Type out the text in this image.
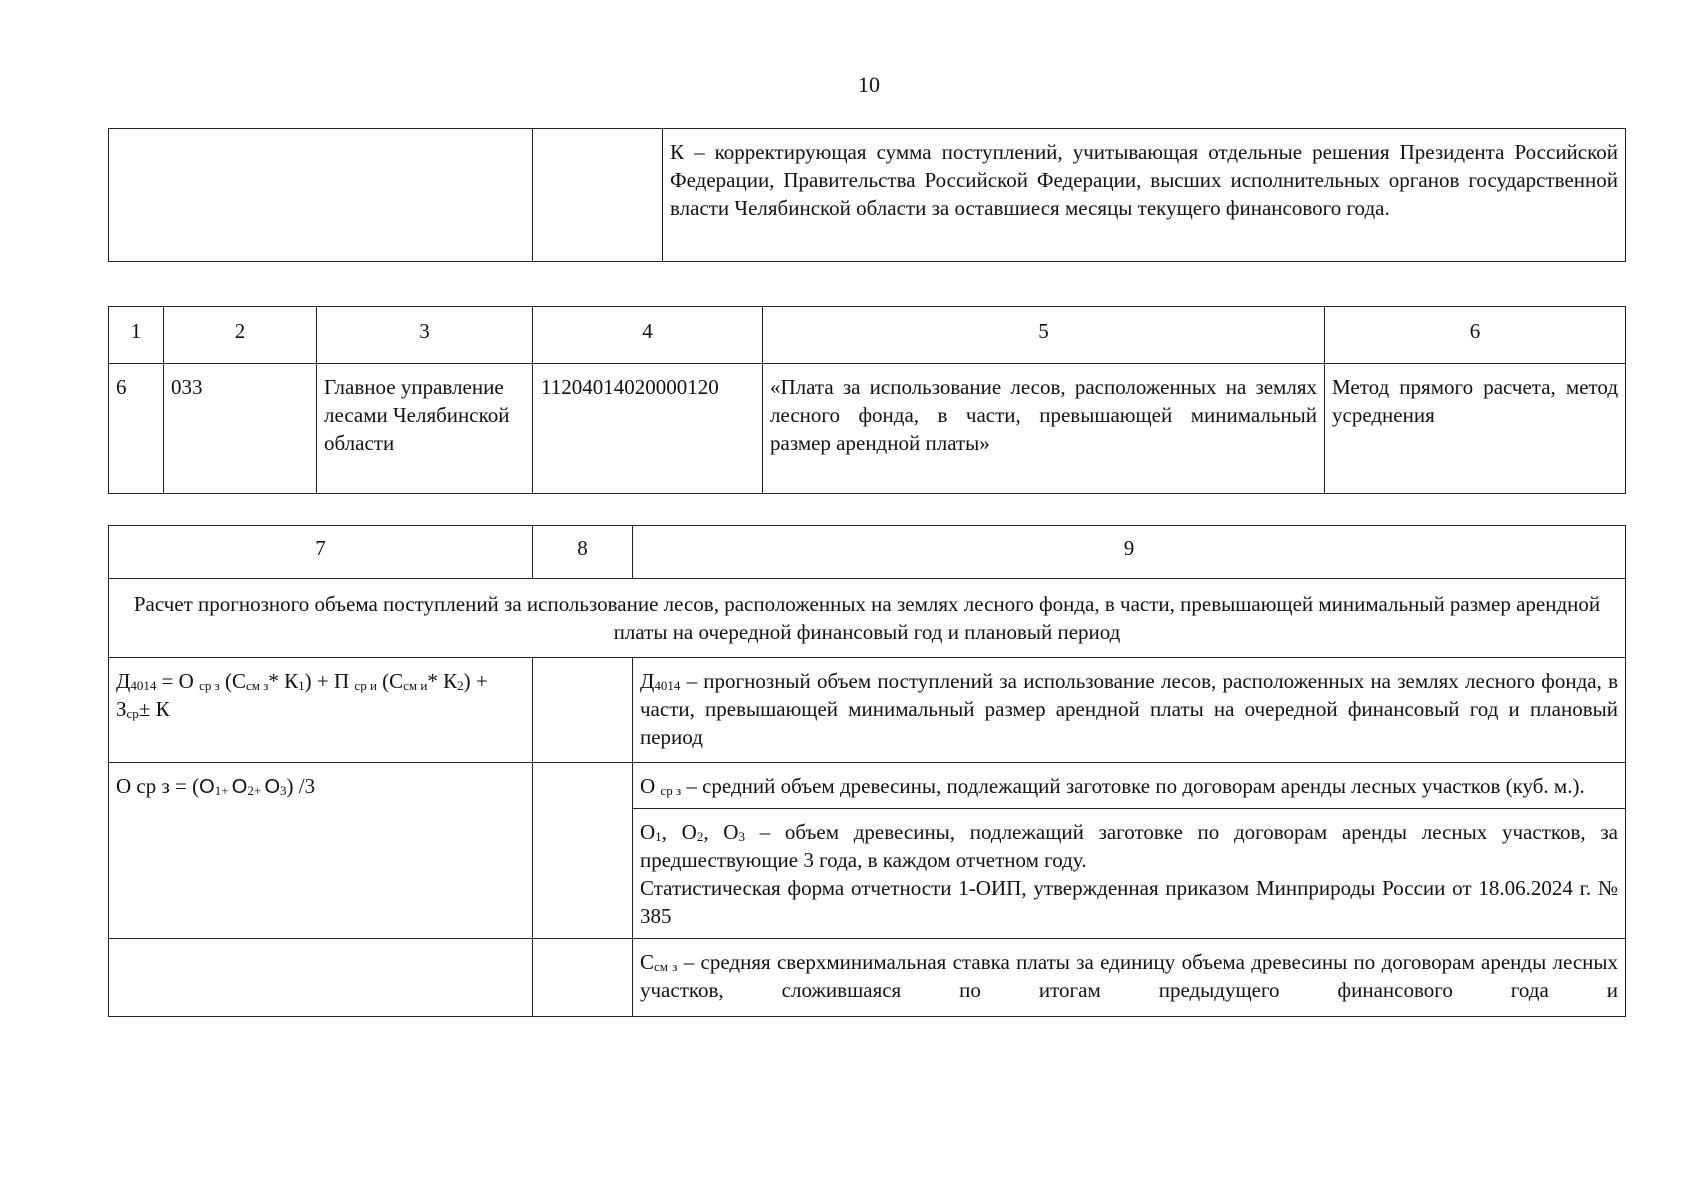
10
		К – корректирующая сумма поступлений, учитывающая отдельные решения Президента Российской Федерации, Правительства Российской Федерации, высших исполнительных органов государственной власти Челябинской области за оставшиеся месяцы текущего финансового года.
1	2	3	4	5	6
6	033	Главное управление лесами Челябинской области	11204014020000120	«Плата за использование лесов, расположенных на землях лесного фонда, в части, превышающей минимальный размер арендной платы»	Метод прямого расчета, метод усреднения
7	8	9
Расчет прогнозного объема поступлений за использование лесов, расположенных на землях лесного фонда, в части, превышающей минимальный размер арендной платы на очередной финансовый год и плановый период		
$Д_{4014} = О$ $_{ср з}$ ($С_{см з}*$ $К_1) + П$ $_{ср и}$ ($С_{см и}*$ $К_2) + З_{ср}\pm К$		$Д_{4014}$ – прогнозный объем поступлений за использование лесов, расположенных на землях лесного фонда, в части, превышающей минимальный размер арендной платы на очередной финансовый год и плановый период
О ср $з = (О_{1+}$ $О_{2+}$ $О_3$) /3		О $_{ср з}$ – средний объем древесины, подлежащий заготовке по договорам аренды лесных участков (куб. м.).
		$О_1$, $О_2$, $О_3$ – объем древесины, подлежащий заготовке по договорам аренды лесных участков, за предшествующие 3 года, в каждом отчетном году.
Статистическая форма отчетности 1-ОИП, утвержденная приказом Минприроды России от 18.06.2024 г. № 385
		$С_{см з}$ – средняя сверхминимальная ставка платы за единицу объема древесины по договорам аренды лесных участков, сложившаяся по итогам предыдущего финансового года и
